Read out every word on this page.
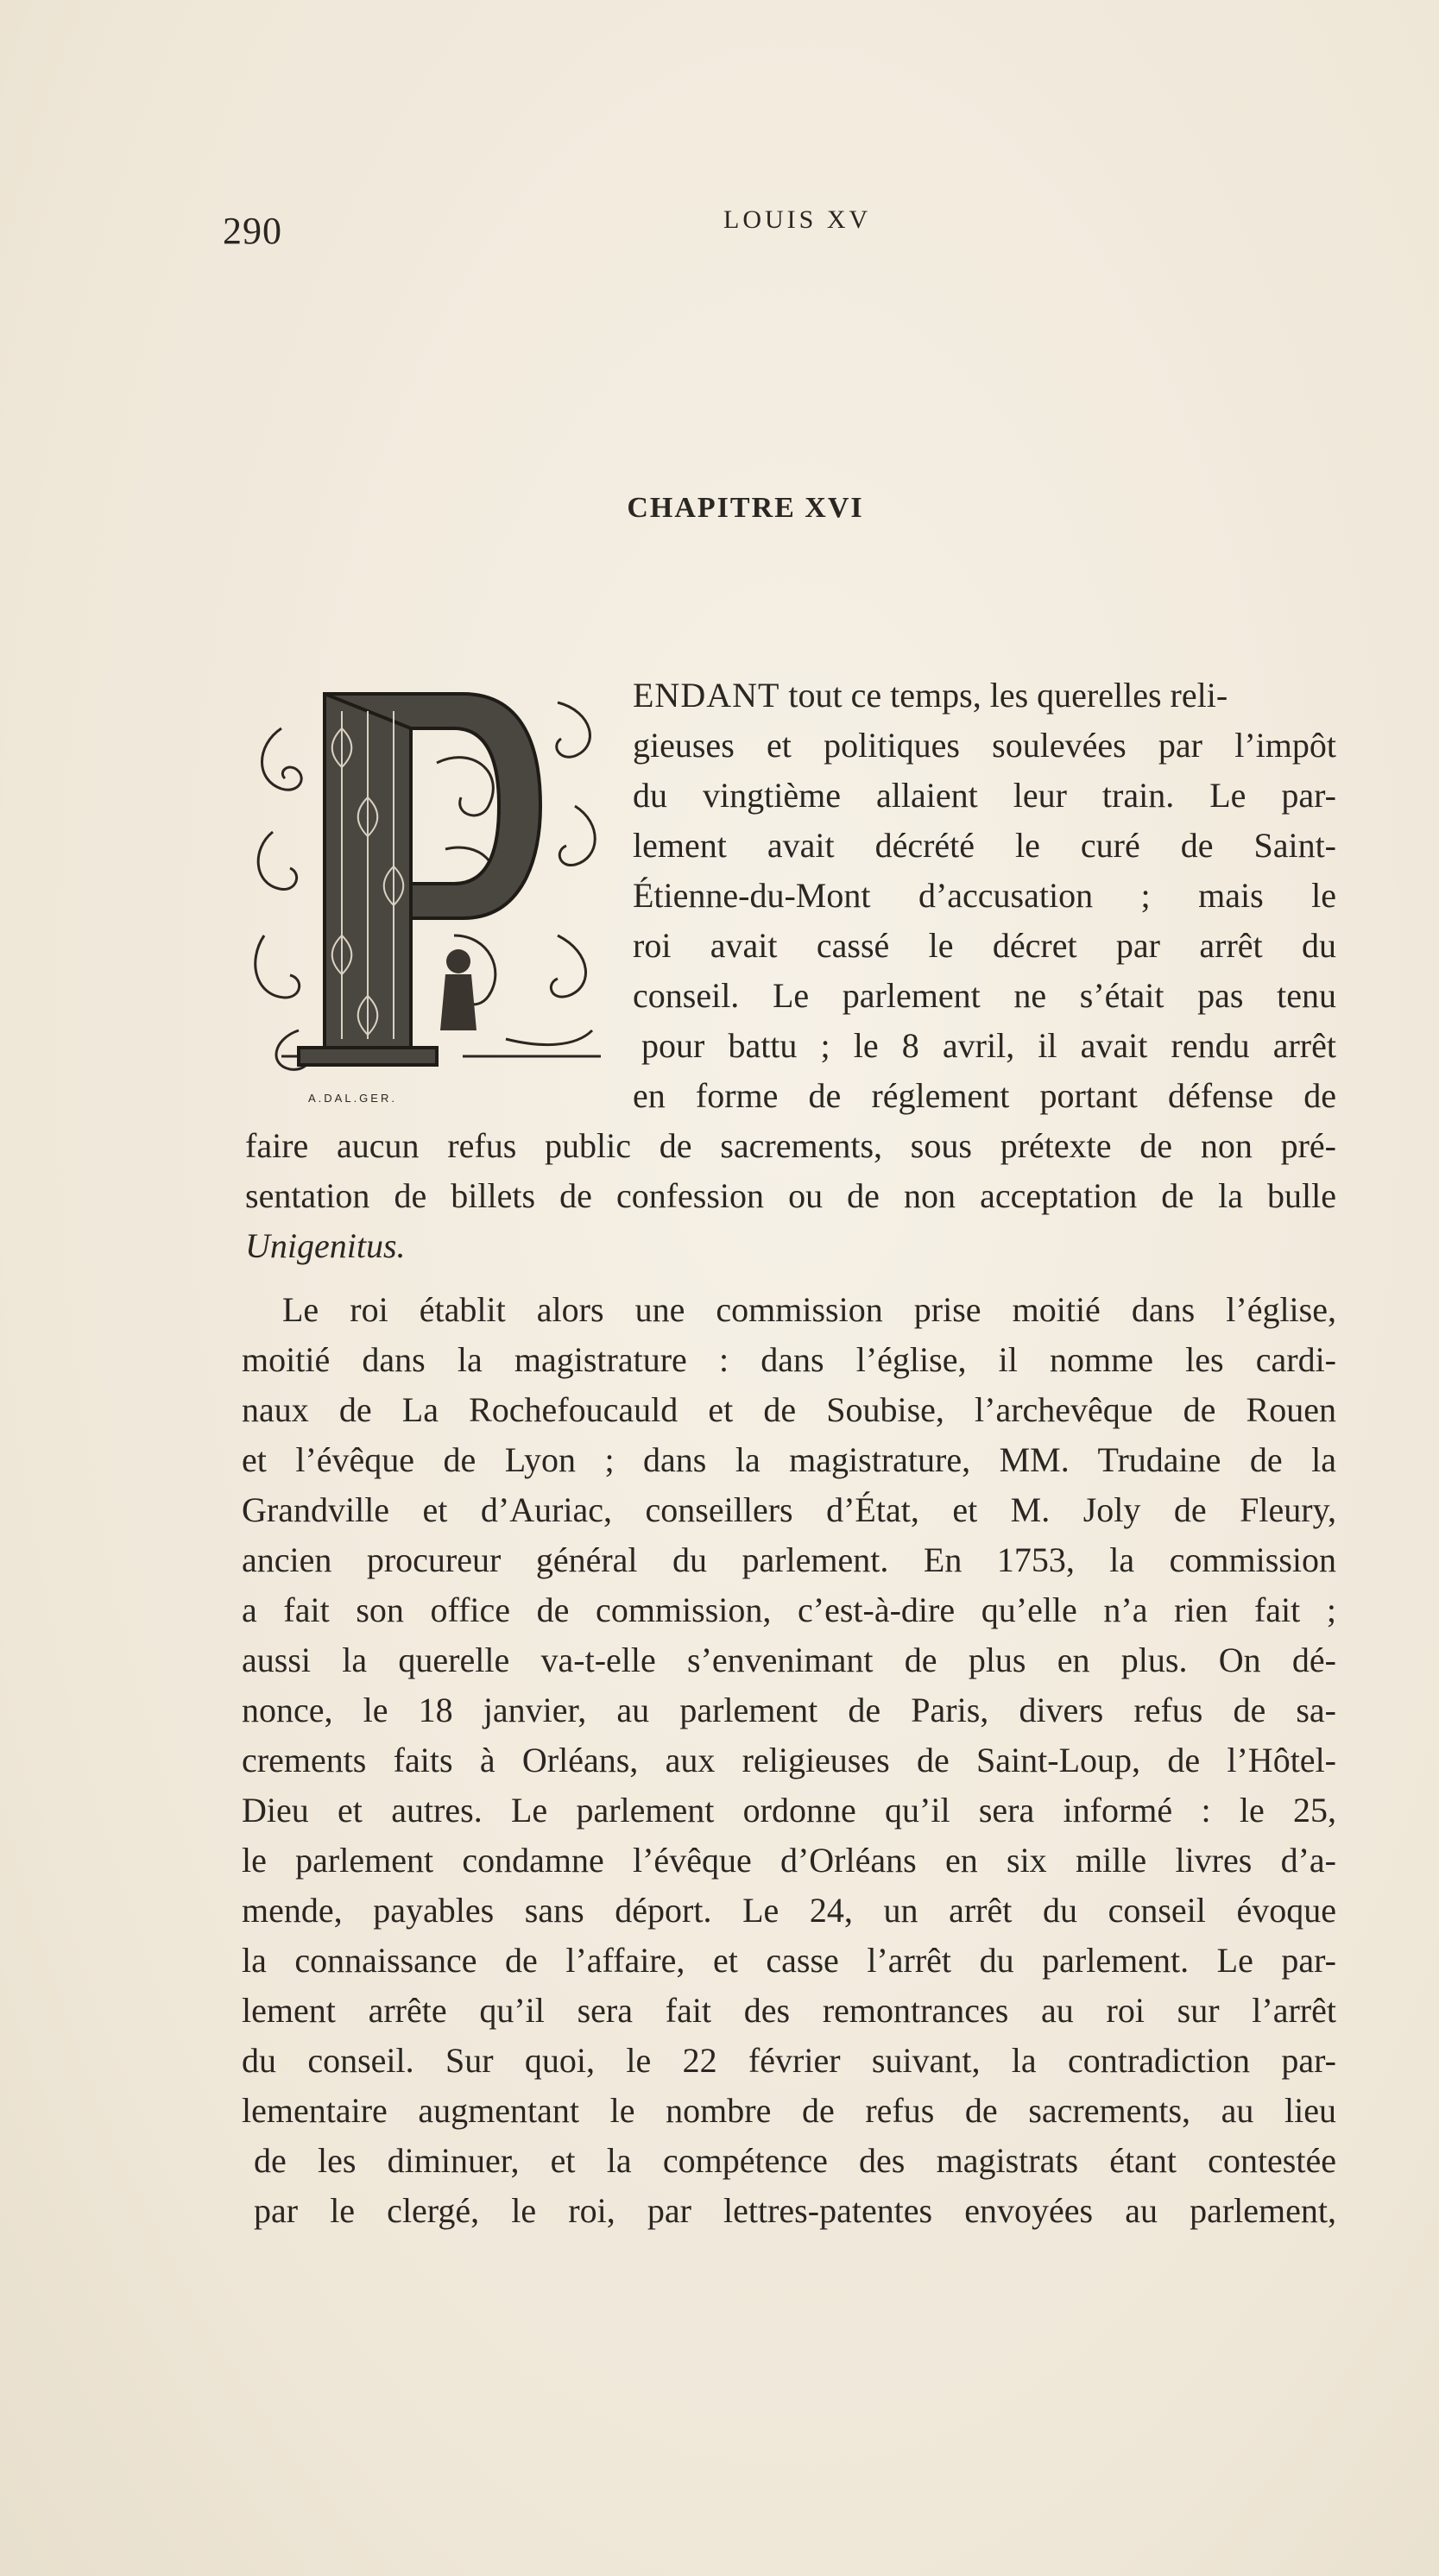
290	LOUIS XV
CHAPITRE XVI
A.DAL.GER.
ENDANT tout ce temps, les querelles reli-
gieuses et politiques soulevées par l’impôt
du vingtième allaient leur train. Le par-
lement avait décrété le curé de Saint-
Étienne-du-Mont d’accusation ; mais le
roi avait cassé le décret par arrêt du
conseil. Le parlement ne s’était pas tenu
pour battu ; le 8 avril, il avait rendu arrêt
en forme de réglement portant défense de
faire aucun refus public de sacrements, sous prétexte de non pré-
sentation de billets de confession ou de non acceptation de la bulle
Unigenitus.
Le roi établit alors une commission prise moitié dans l’église,
moitié dans la magistrature : dans l’église, il nomme les cardi-
naux de La Rochefoucauld et de Soubise, l’archevêque de Rouen
et l’évêque de Lyon ; dans la magistrature, MM. Trudaine de la
Grandville et d’Auriac, conseillers d’État, et M. Joly de Fleury,
ancien procureur général du parlement. En 1753, la commission
a fait son office de commission, c’est-à-dire qu’elle n’a rien fait ;
aussi la querelle va-t-elle s’envenimant de plus en plus. On dé-
nonce, le 18 janvier, au parlement de Paris, divers refus de sa-
crements faits à Orléans, aux religieuses de Saint-Loup, de l’Hôtel-
Dieu et autres. Le parlement ordonne qu’il sera informé : le 25,
le parlement condamne l’évêque d’Orléans en six mille livres d’a-
mende, payables sans déport. Le 24, un arrêt du conseil évoque
la connaissance de l’affaire, et casse l’arrêt du parlement. Le par-
lement arrête qu’il sera fait des remontrances au roi sur l’arrêt
du conseil. Sur quoi, le 22 février suivant, la contradiction par-
lementaire augmentant le nombre de refus de sacrements, au lieu
de les diminuer, et la compétence des magistrats étant contestée
par le clergé, le roi, par lettres-patentes envoyées au parlement,
